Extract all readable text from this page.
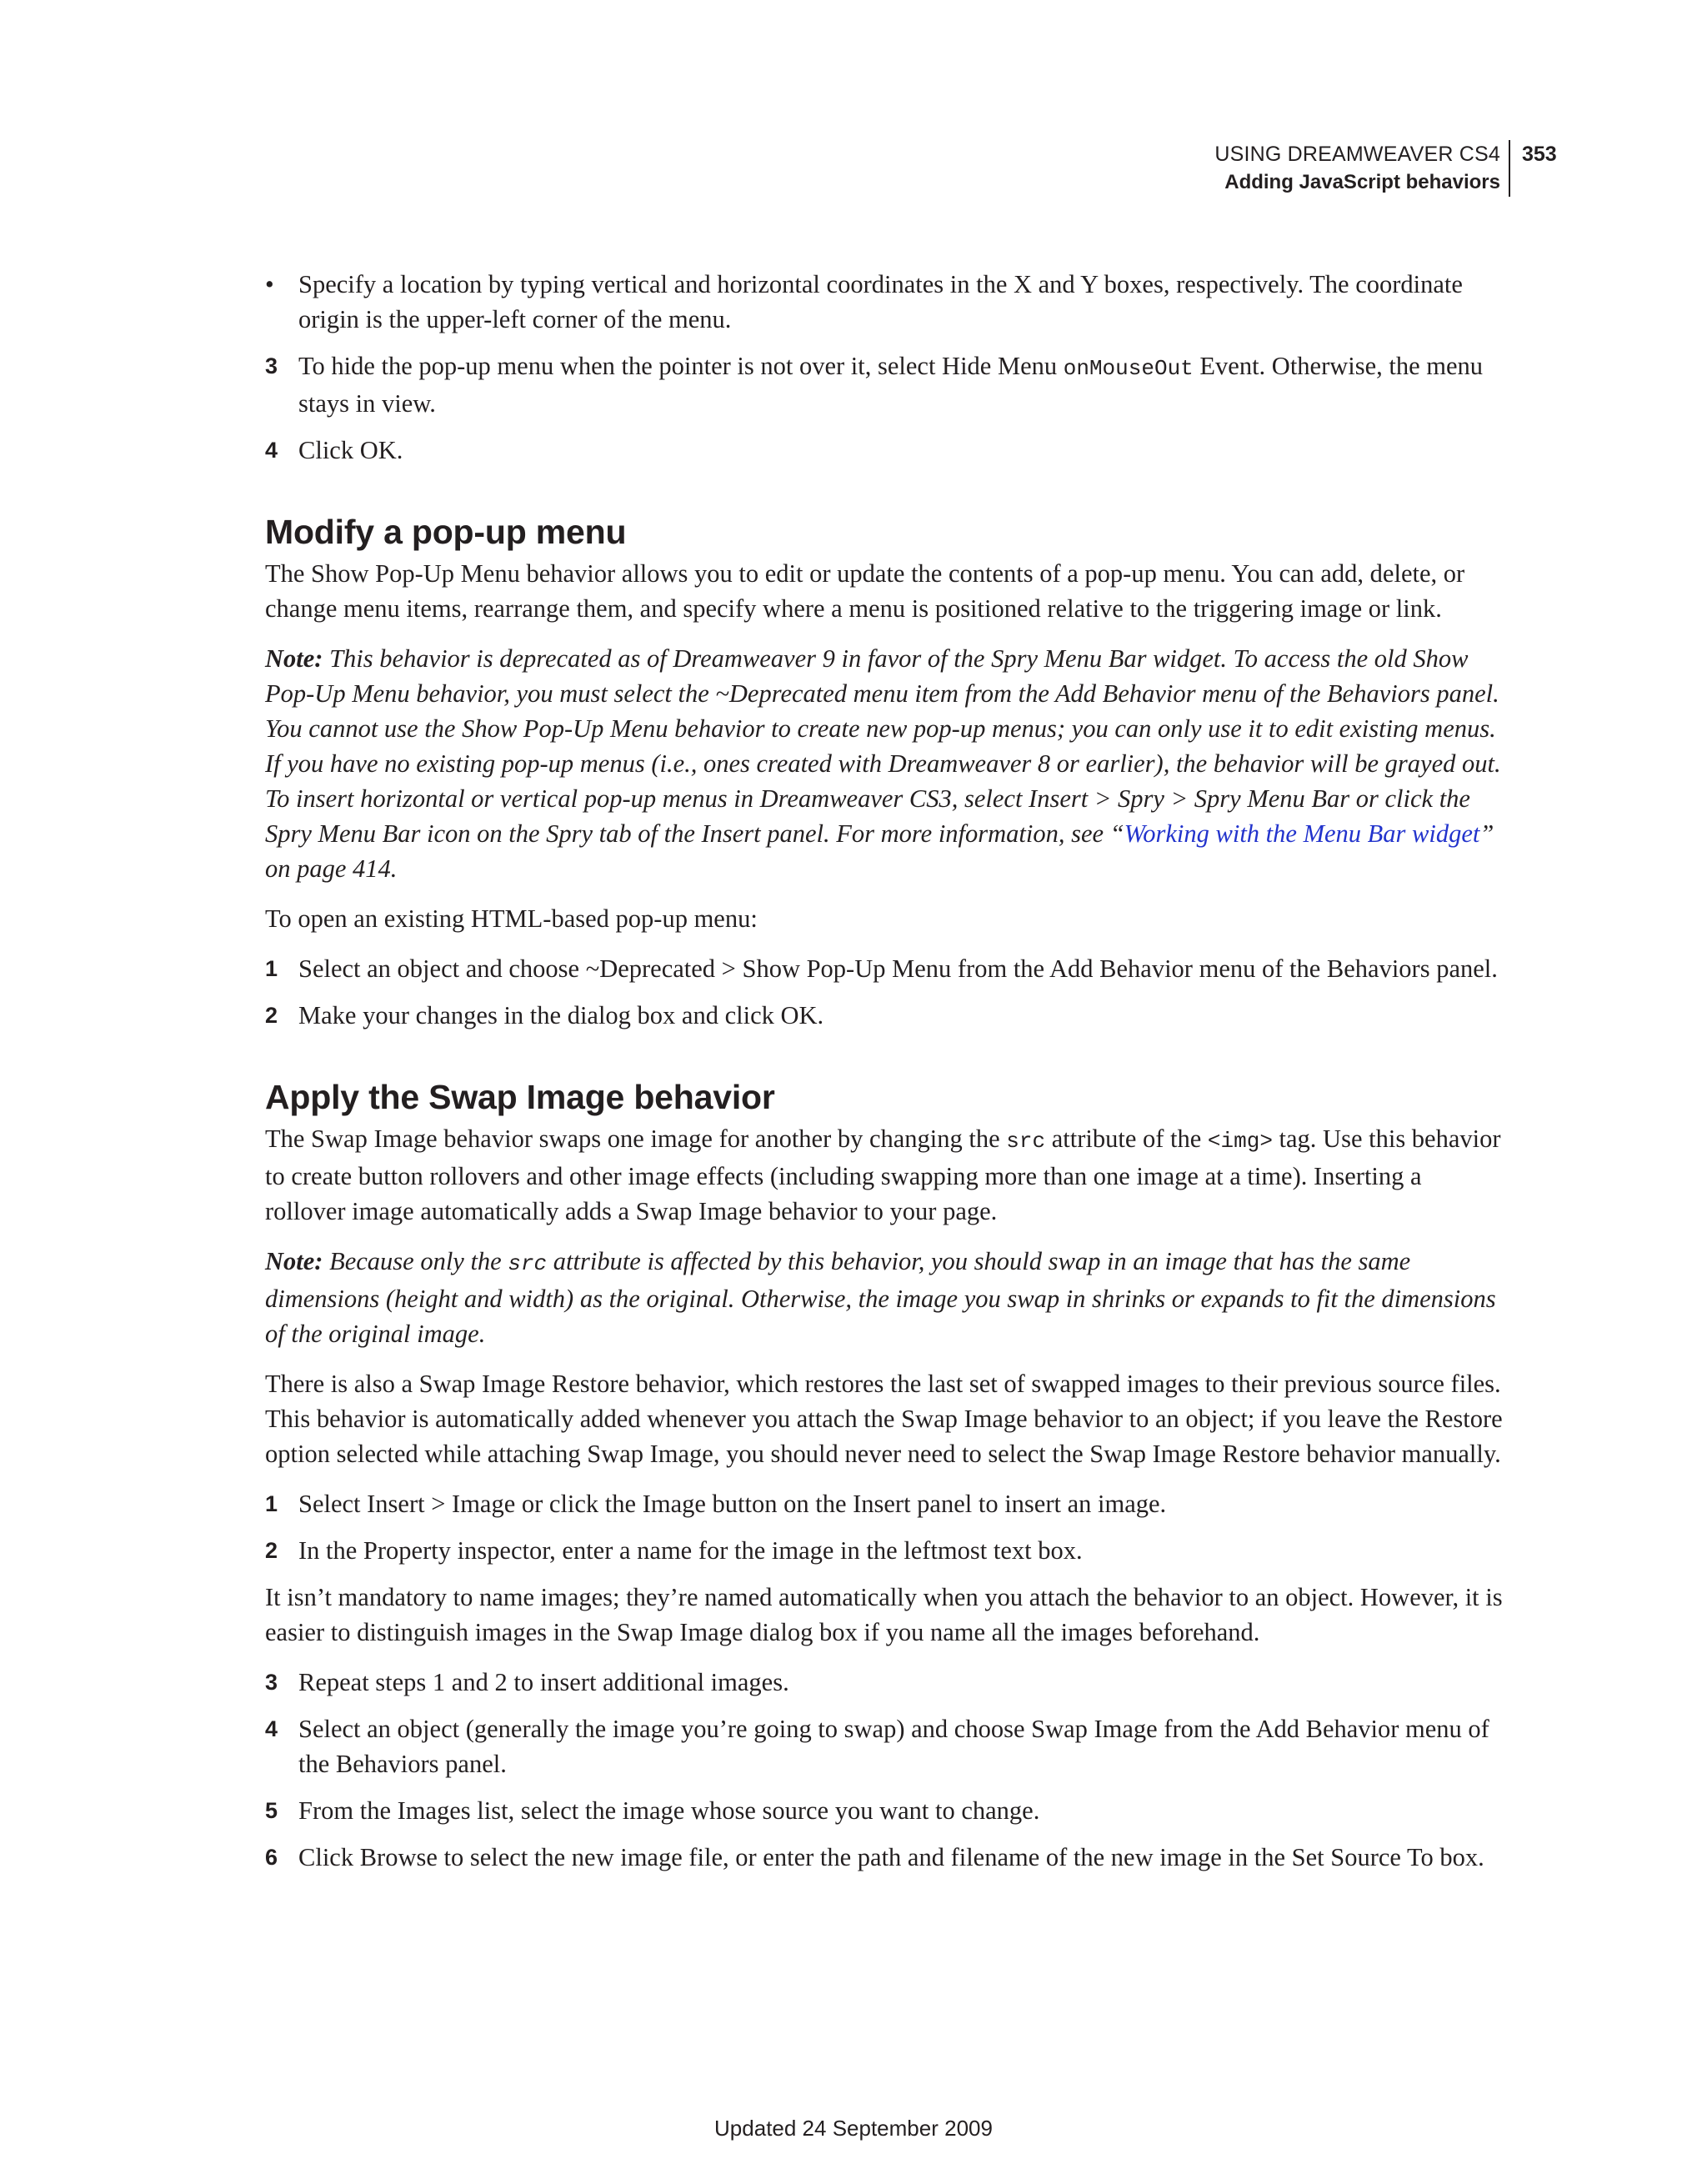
USING DREAMWEAVER CS4
Adding JavaScript behaviors
353

• Specify a location by typing vertical and horizontal coordinates in the X and Y boxes, respectively. The coordinate origin is the upper-left corner of the menu.

3 To hide the pop-up menu when the pointer is not over it, select Hide Menu onMouseOut Event. Otherwise, the menu stays in view.

4 Click OK.

Modify a pop-up menu

The Show Pop-Up Menu behavior allows you to edit or update the contents of a pop-up menu. You can add, delete, or change menu items, rearrange them, and specify where a menu is positioned relative to the triggering image or link.

Note: This behavior is deprecated as of Dreamweaver 9 in favor of the Spry Menu Bar widget. To access the old Show Pop-Up Menu behavior, you must select the ~Deprecated menu item from the Add Behavior menu of the Behaviors panel. You cannot use the Show Pop-Up Menu behavior to create new pop-up menus; you can only use it to edit existing menus. If you have no existing pop-up menus (i.e., ones created with Dreamweaver 8 or earlier), the behavior will be grayed out. To insert horizontal or vertical pop-up menus in Dreamweaver CS3, select Insert > Spry > Spry Menu Bar or click the Spry Menu Bar icon on the Spry tab of the Insert panel. For more information, see “Working with the Menu Bar widget” on page 414.

To open an existing HTML-based pop-up menu:

1 Select an object and choose ~Deprecated > Show Pop-Up Menu from the Add Behavior menu of the Behaviors panel.

2 Make your changes in the dialog box and click OK.

Apply the Swap Image behavior

The Swap Image behavior swaps one image for another by changing the src attribute of the <img> tag. Use this behavior to create button rollovers and other image effects (including swapping more than one image at a time). Inserting a rollover image automatically adds a Swap Image behavior to your page.

Note: Because only the src attribute is affected by this behavior, you should swap in an image that has the same dimensions (height and width) as the original. Otherwise, the image you swap in shrinks or expands to fit the dimensions of the original image.

There is also a Swap Image Restore behavior, which restores the last set of swapped images to their previous source files. This behavior is automatically added whenever you attach the Swap Image behavior to an object; if you leave the Restore option selected while attaching Swap Image, you should never need to select the Swap Image Restore behavior manually.

1 Select Insert > Image or click the Image button on the Insert panel to insert an image.

2 In the Property inspector, enter a name for the image in the leftmost text box.

It isn’t mandatory to name images; they’re named automatically when you attach the behavior to an object. However, it is easier to distinguish images in the Swap Image dialog box if you name all the images beforehand.

3 Repeat steps 1 and 2 to insert additional images.

4 Select an object (generally the image you’re going to swap) and choose Swap Image from the Add Behavior menu of the Behaviors panel.

5 From the Images list, select the image whose source you want to change.

6 Click Browse to select the new image file, or enter the path and filename of the new image in the Set Source To box.

Updated 24 September 2009
